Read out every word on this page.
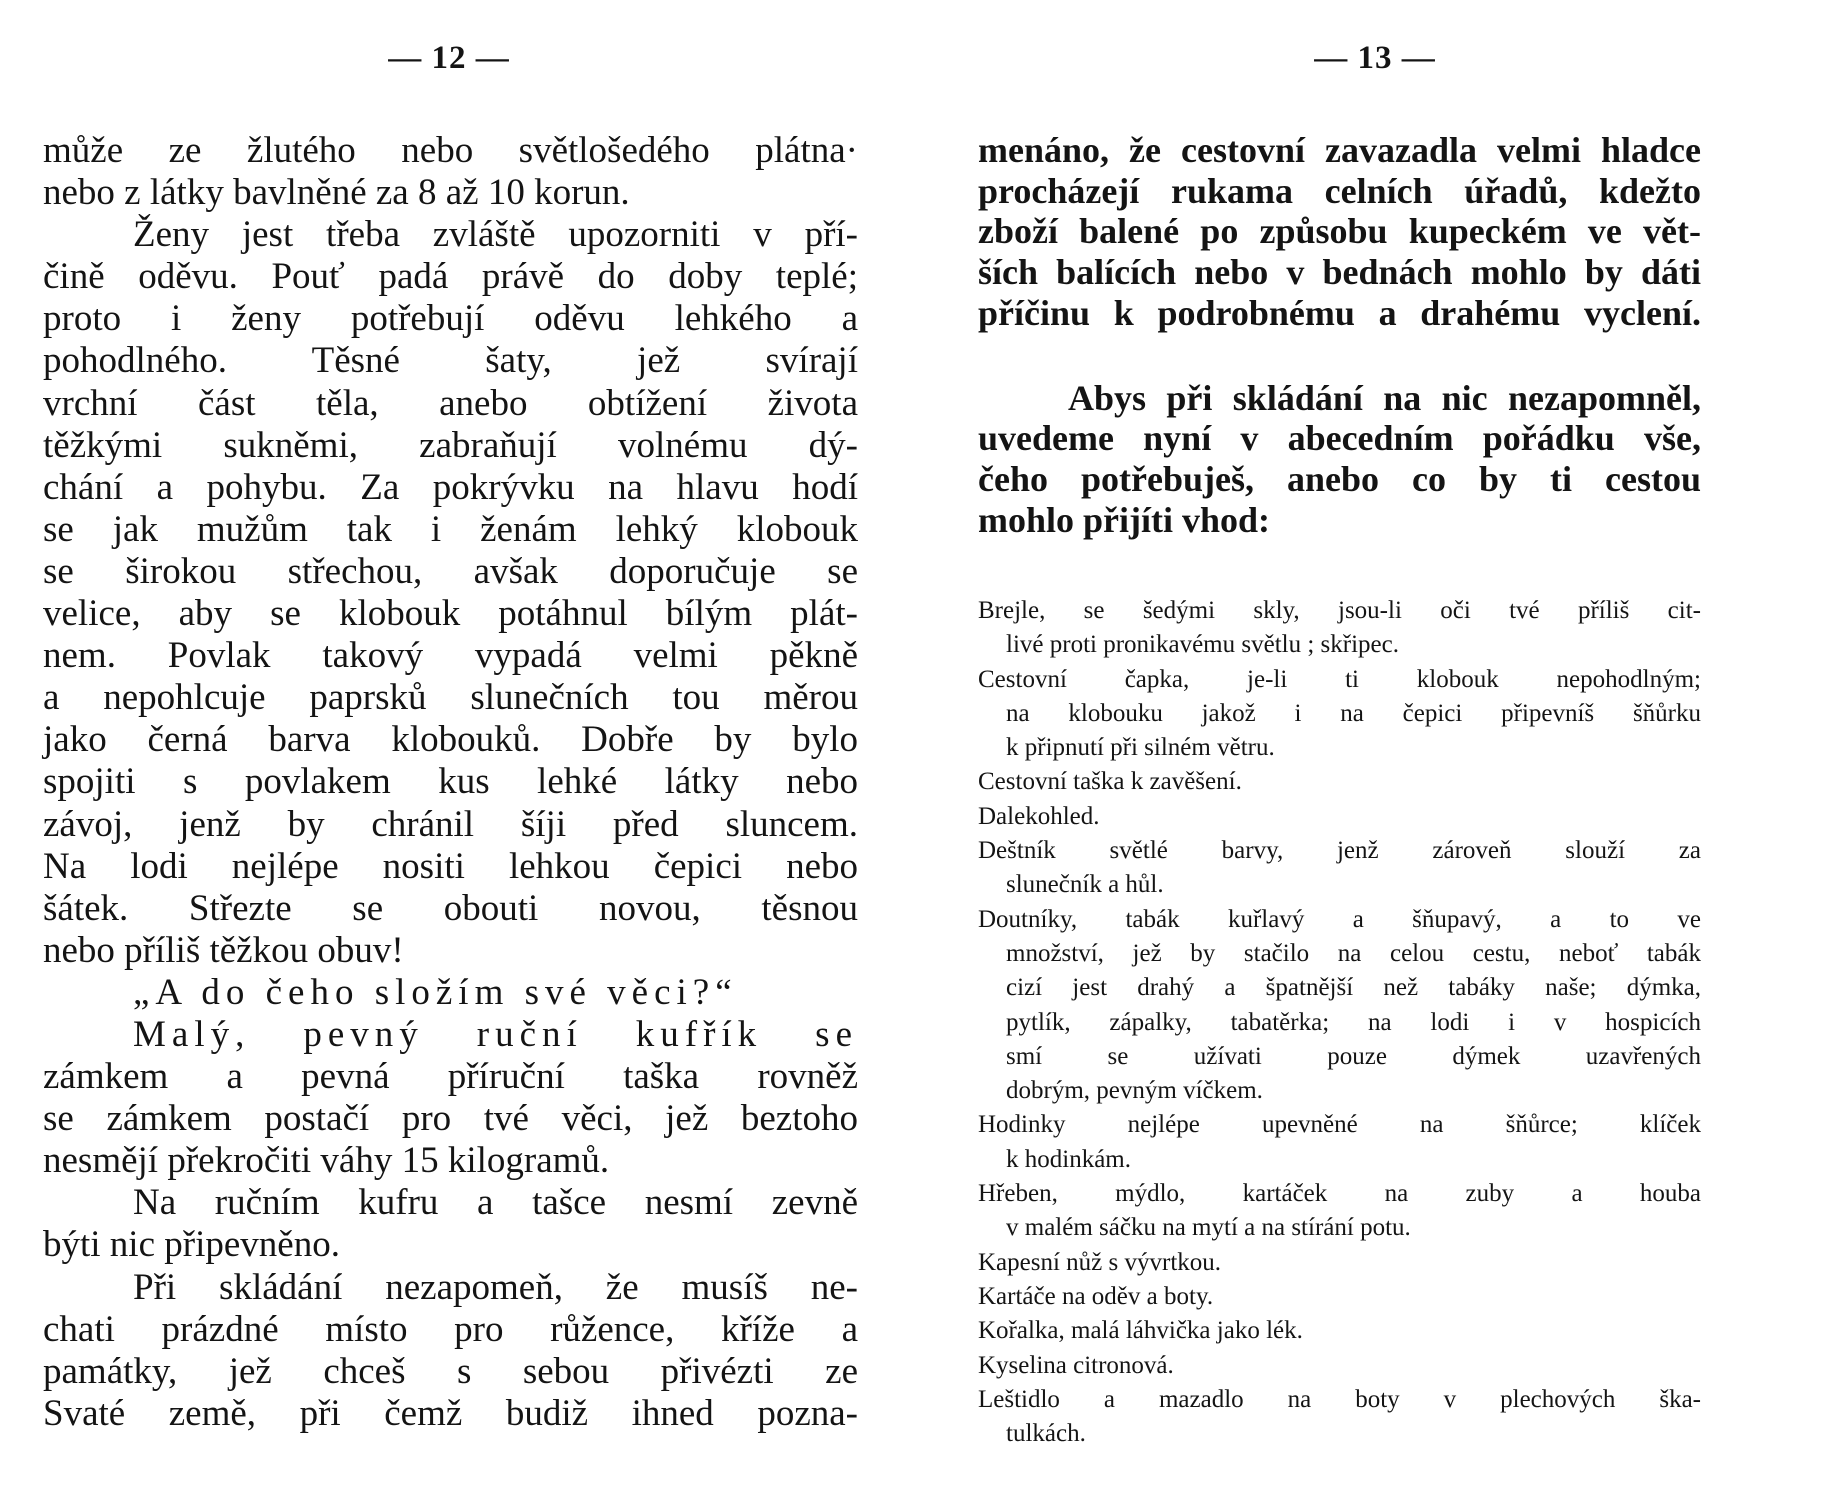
— 12 —
může ze žlutého nebo světlošedého plátna·
nebo z látky bavlněné za 8 až 10 korun.
Ženy jest třeba zvláště upozorniti v pří-
čině oděvu. Pouť padá právě do doby teplé;
proto i ženy potřebují oděvu lehkého a
pohodlného. Těsné šaty, jež svírají
vrchní část těla, anebo obtížení života
těžkými sukněmi, zabraňují volnému dý-
chání a pohybu. Za pokrývku na hlavu hodí
se jak mužům tak i ženám lehký klobouk
se širokou střechou, avšak doporučuje se
velice, aby se klobouk potáhnul bílým plát-
nem. Povlak takový vypadá velmi pěkně
a nepohlcuje paprsků slunečních tou měrou
jako černá barva klobouků. Dobře by bylo
spojiti s povlakem kus lehké látky nebo
závoj, jenž by chránil šíji před sluncem.
Na lodi nejlépe nositi lehkou čepici nebo
šátek. Střezte se obouti novou, těsnou
nebo příliš těžkou obuv!
„A do čeho složím své věci?“
Malý, pevný ruční kufřík se
zámkem a pevná příruční taška rovněž
se zámkem postačí pro tvé věci, jež beztoho
nesmějí překročiti váhy 15 kilogramů.
Na ručním kufru a tašce nesmí zevně
býti nic připevněno.
Při skládání nezapomeň, že musíš ne-
chati prázdné místo pro růžence, kříže a
památky, jež chceš s sebou přivézti ze
Svaté země, při čemž budiž ihned pozna-
— 13 —
menáno, že cestovní zavazadla velmi hladce
procházejí rukama celních úřadů, kdežto
zboží balené po způsobu kupeckém ve vět-
ších balících nebo v bednách mohlo by dáti
příčinu k podrobnému a drahému vyclení.
Abys při skládání na nic nezapomněl,
uvedeme nyní v abecedním pořádku vše,
čeho potřebuješ, anebo co by ti cestou
mohlo přijíti vhod:
Brejle, se šedými skly, jsou-li oči tvé příliš cit-
livé proti pronikavému světlu ; skřipec.
Cestovní čapka, je-li ti klobouk nepohodlným;
na klobouku jakož i na čepici připevníš šňůrku
k připnutí při silném větru.
Cestovní taška k zavěšení.
Dalekohled.
Deštník světlé barvy, jenž zároveň slouží za
slunečník a hůl.
Doutníky, tabák kuřlavý a šňupavý, a to ve
množství, jež by stačilo na celou cestu, neboť tabák
cizí jest drahý a špatnější než tabáky naše; dýmka,
pytlík, zápalky, tabatěrka; na lodi i v hospicích
smí se užívati pouze dýmek uzavřených
dobrým, pevným víčkem.
Hodinky nejlépe upevněné na šňůrce; klíček
k hodinkám.
Hřeben, mýdlo, kartáček na zuby a houba
v malém sáčku na mytí a na stírání potu.
Kapesní nůž s vývrtkou.
Kartáče na oděv a boty.
Kořalka, malá láhvička jako lék.
Kyselina citronová.
Leštidlo a mazadlo na boty v plechových ška-
tulkách.
